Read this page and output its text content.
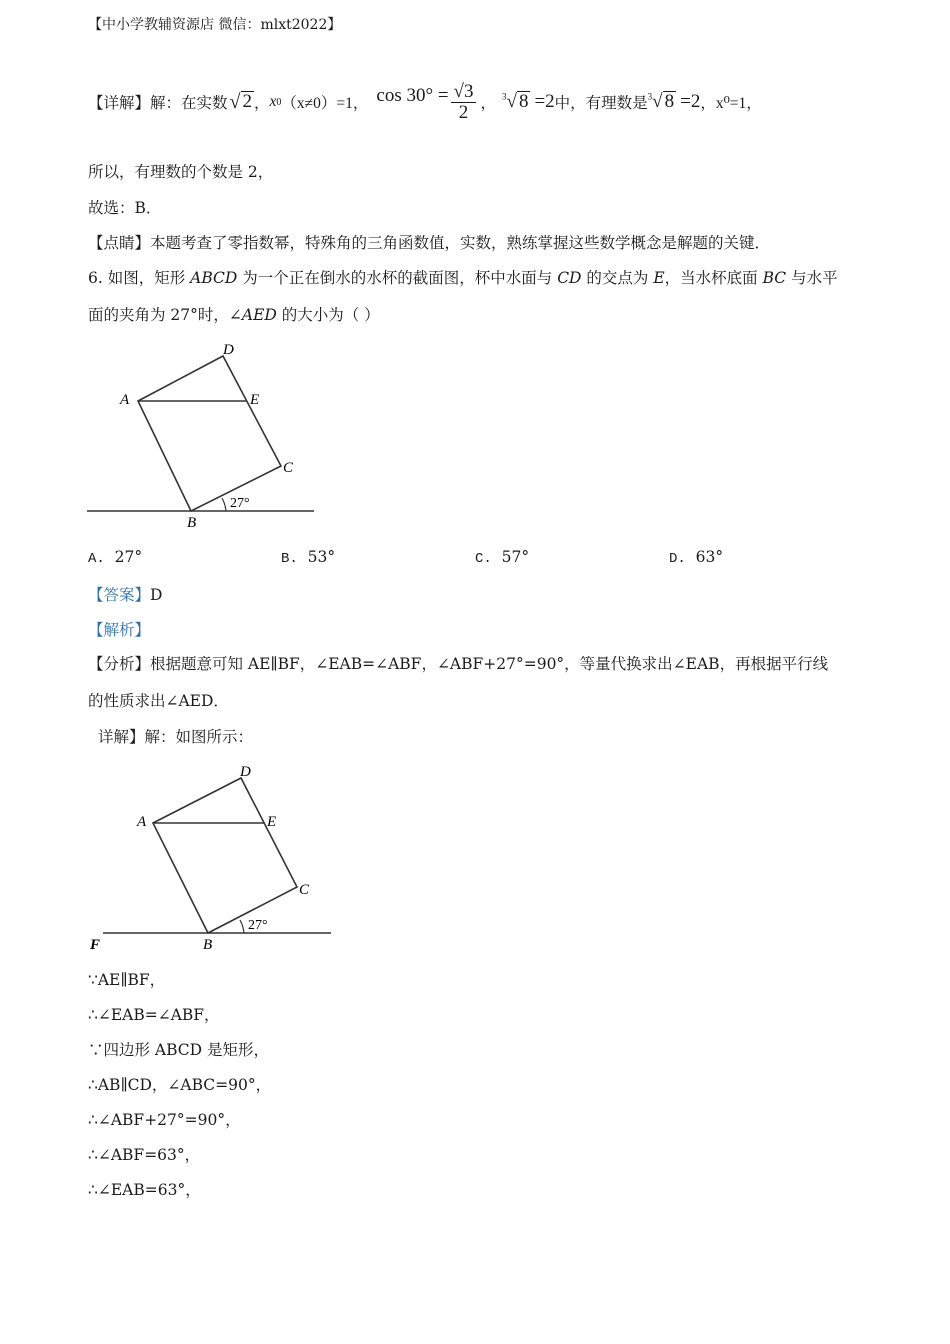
【中小学教辅资源店 微信：mlxt2022】
【详解】解：在实数 √ 2 ， x 0 （x≠0）=1， $\cos 30^\circ = \frac{√3}{2}$ ， $^3$√ 8 =2 中，有理数是 $^3$√ 8 =2 ，x⁰=1，
所以，有理数的个数是 2，
故选：B．
【点睛】本题考查了零指数幂，特殊角的三角函数值，实数，熟练掌握这些数学概念是解题的关键．
6. 如图，矩形 ABCD 为一个正在倒水的水杯的截面图，杯中水面与 CD 的交点为 E，当水杯底面 BC 与水平
面的夹角为 27°时，∠AED 的大小为（ ）
A
D
E
C
B
27°
A. 27°	B. 53°	C. 57°	D. 63°
【答案】D
【解析】
【分析】根据题意可知 AE∥BF，∠EAB=∠ABF，∠ABF+27°=90°，等量代换求出∠EAB，再根据平行线
的性质求出∠AED．
详解】解：如图所示：
A
D
E
C
B
F
27°
∵AE∥BF，
∴∠EAB=∠ABF，
∵四边形 ABCD 是矩形，
∴AB∥CD，∠ABC=90°，
∴∠ABF+27°=90°，
∴∠ABF=63°，
∴∠EAB=63°，
